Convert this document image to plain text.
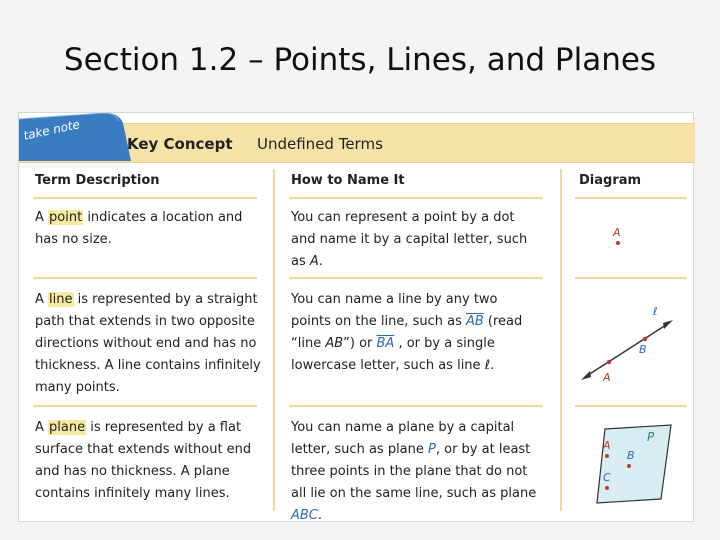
Section 1.2 – Points, Lines, and Planes
take note
Key Concept Undefined Terms
Term Description	How to Name It	Diagram
A point indicates a location and has no size.
You can represent a point by a dot and name it by a capital letter, such as A.
A
A line is represented by a straight path that extends in two opposite directions without end and has no thickness. A line contains infinitely many points.
You can name a line by any two points on the line, such as $\overline{AB}$ (read “line AB”) or $\overline{BA}$ , or by a single lowercase letter, such as line ℓ.
ℓ
B
A
A plane is represented by a flat surface that extends without end and has no thickness. A plane contains infinitely many lines.
You can name a plane by a capital letter, such as plane P, or by at least three points in the plane that do not all lie on the same line, such as plane ABC.
A
B
C
P
